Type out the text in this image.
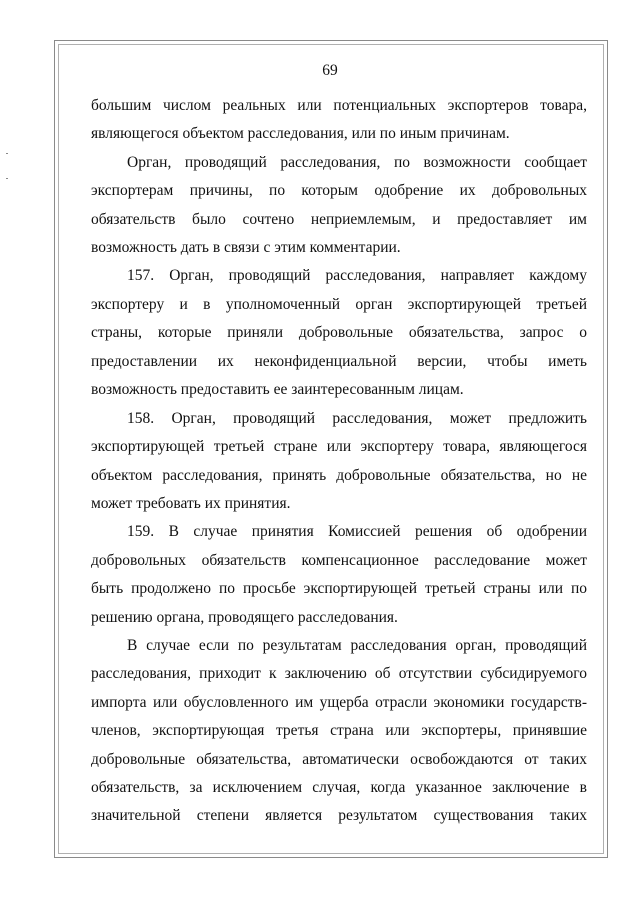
69
большим числом реальных или потенциальных экспортеров товара,
являющегося объектом расследования, или по иным причинам.
Орган, проводящий расследования, по возможности сообщает
экспортерам причины, по которым одобрение их добровольных
обязательств было сочтено неприемлемым, и предоставляет им
возможность дать в связи с этим комментарии.
157. Орган, проводящий расследования, направляет каждому
экспортеру и в уполномоченный орган экспортирующей третьей
страны, которые приняли добровольные обязательства, запрос о
предоставлении их неконфиденциальной версии, чтобы иметь
возможность предоставить ее заинтересованным лицам.
158. Орган, проводящий расследования, может предложить
экспортирующей третьей стране или экспортеру товара, являющегося
объектом расследования, принять добровольные обязательства, но не
может требовать их принятия.
159. В случае принятия Комиссией решения об одобрении
добровольных обязательств компенсационное расследование может
быть продолжено по просьбе экспортирующей третьей страны или по
решению органа, проводящего расследования.
В случае если по результатам расследования орган, проводящий
расследования, приходит к заключению об отсутствии субсидируемого
импорта или обусловленного им ущерба отрасли экономики государств-
членов, экспортирующая третья страна или экспортеры, принявшие
добровольные обязательства, автоматически освобождаются от таких
обязательств, за исключением случая, когда указанное заключение в
значительной степени является результатом существования таких
